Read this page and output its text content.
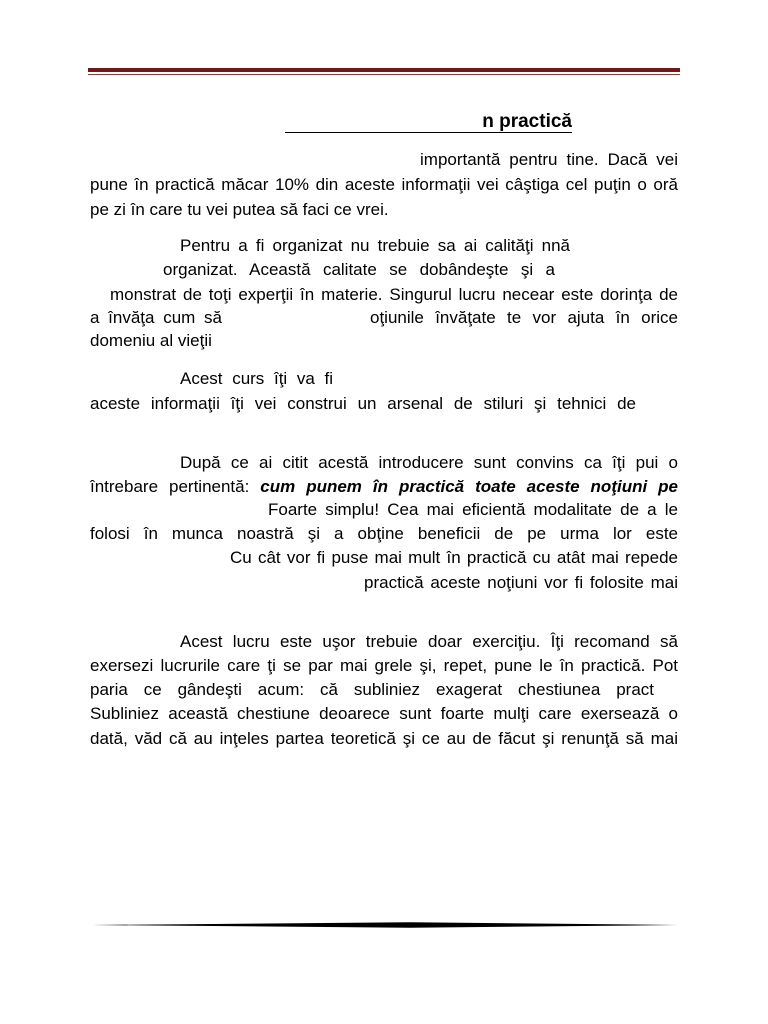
n practică
importantă pentru tine. Dacă vei
pune în practică măcar 10% din aceste informaţii vei câştiga cel puţin o oră
pe zi în care tu vei putea să faci ce vrei.
Pentru a fi organizat nu trebuie sa ai calităţi nnă
organizat. Această calitate se dobândeşte şi a
monstrat de toţi experţii în materie. Singurul lucru necear este dorinţa de
a învăţa cum să	oţiunile învăţate te vor ajuta în orice
domeniu al vieţii
Acest curs îţi va fi
aceste informaţii îţi vei construi un arsenal de stiluri şi tehnici de
După ce ai citit acestă introducere sunt convins ca îţi pui o
întrebare pertinentă: cum punem în practică toate aceste noţiuni pe
Foarte simplu! Cea mai eficientă modalitate de a le
folosi în munca noastră şi a obţine beneficii de pe urma lor este
Cu cât vor fi puse mai mult în practică cu atât mai repede
practică aceste noţiuni vor fi folosite mai
Acest lucru este uşor trebuie doar exerciţiu. Îţi recomand să
exersezi lucrurile care ţi se par mai grele şi, repet, pune le în practică. Pot
paria ce gândeşti acum: că subliniez exagerat chestiunea pract
Subliniez această chestiune deoarece sunt foarte mulţi care exersează o
dată, văd că au inţeles partea teoretică şi ce au de făcut şi renunţă să mai
